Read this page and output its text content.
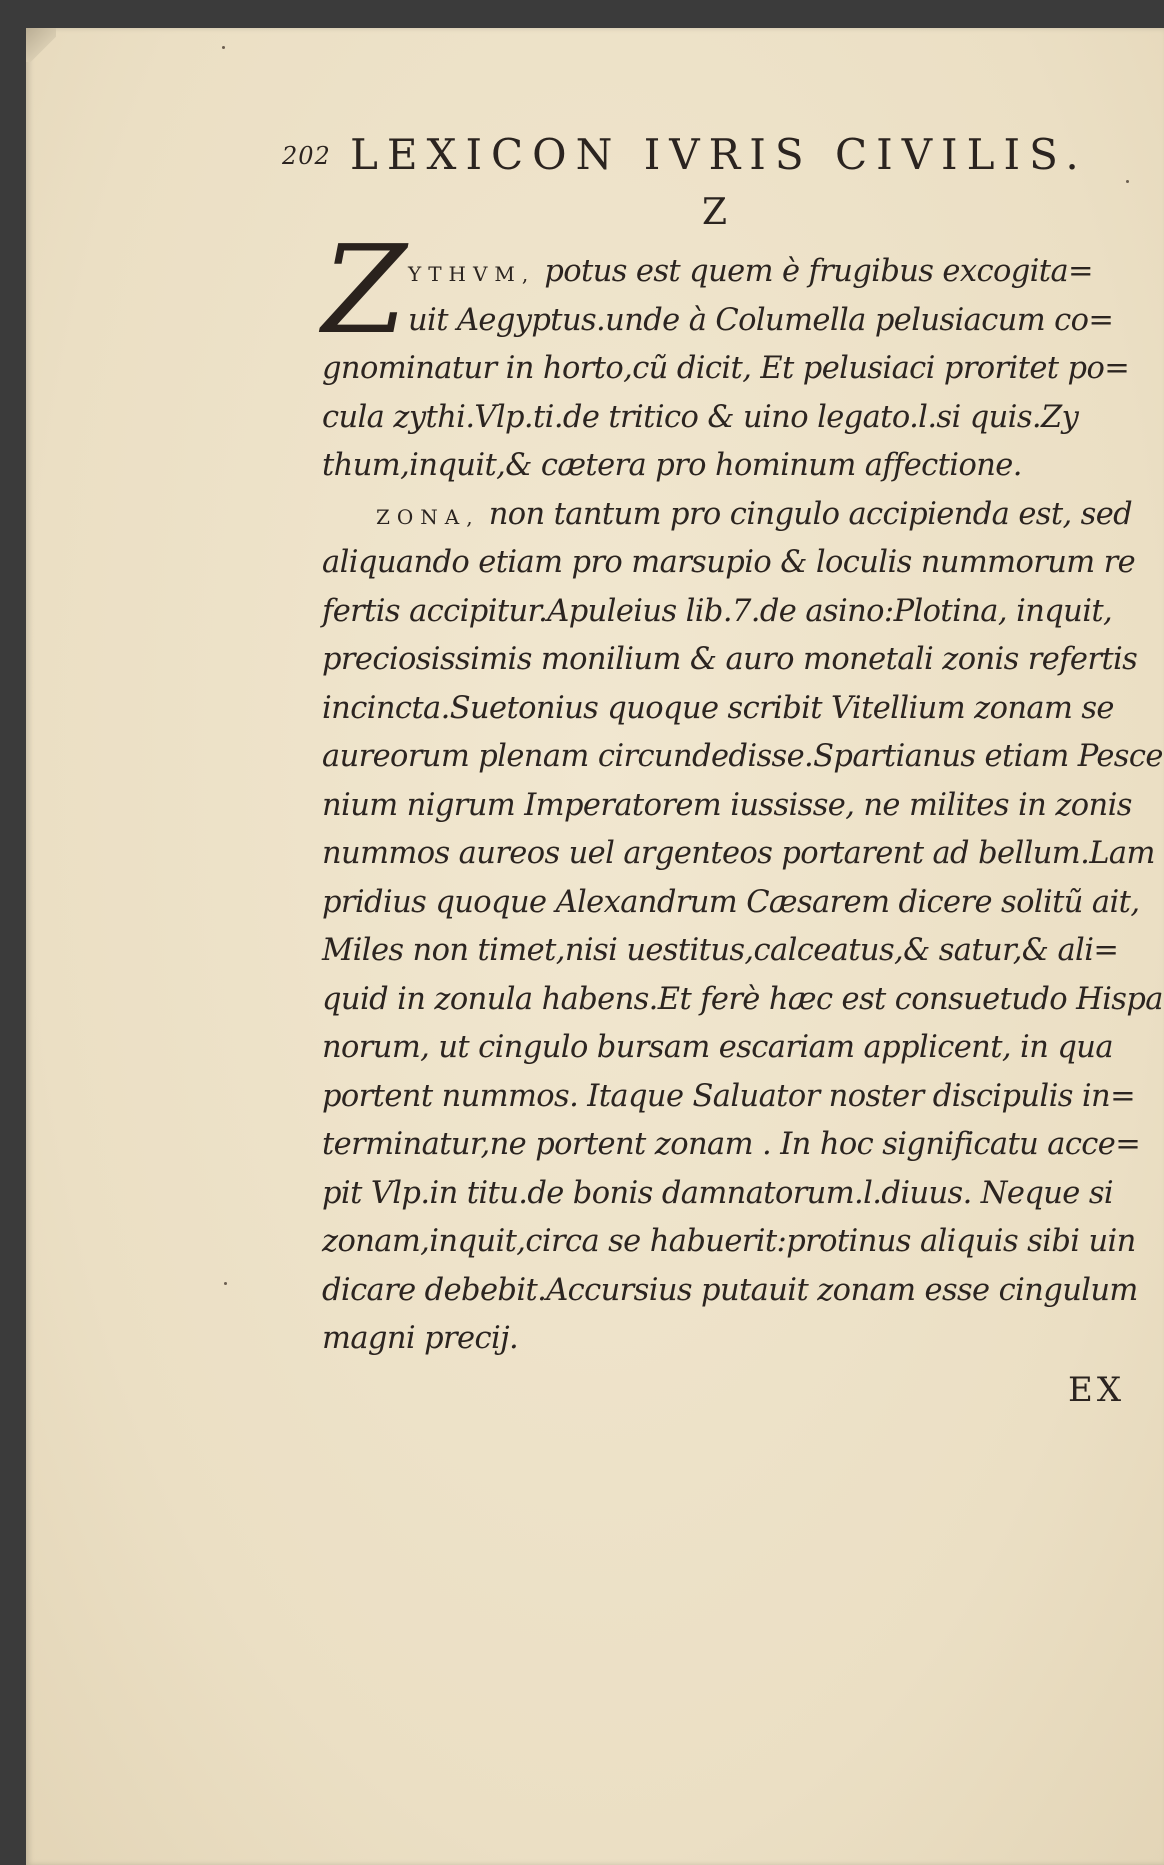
202 LEXICON IVRIS CIVILIS.
Z
Z YTHVM, potus est quem è frugibus excogita=
uit Aegyptus.unde à Columella pelusiacum co=
gnominatur in horto,cũ dicit, Et pelusiaci proritet po=
cula zythi.Vlp.ti.de tritico & uino legato.l.si quis.Zy
thum,inquit,& cætera pro hominum affectione.
ZONA, non tantum pro cingulo accipienda est, sed
aliquando etiam pro marsupio & loculis nummorum re
fertis accipitur.Apuleius lib.7.de asino:Plotina, inquit,
preciosissimis monilium & auro monetali zonis refertis
incincta.Suetonius quoque scribit Vitellium zonam se
aureorum plenam circundedisse.Spartianus etiam Pesce
nium nigrum Imperatorem iussisse, ne milites in zonis
nummos aureos uel argenteos portarent ad bellum.Lam
pridius quoque Alexandrum Cæsarem dicere solitũ ait,
Miles non timet,nisi uestitus,calceatus,& satur,& ali=
quid in zonula habens.Et ferè hæc est consuetudo Hispa
norum, ut cingulo bursam escariam applicent, in qua
portent nummos. Itaque Saluator noster discipulis in=
terminatur,ne portent zonam . In hoc significatu acce=
pit Vlp.in titu.de bonis damnatorum.l.diuus. Neque si
zonam,inquit,circa se habuerit:protinus aliquis sibi uin
dicare debebit.Accursius putauit zonam esse cingulum
magni precij.
EX
